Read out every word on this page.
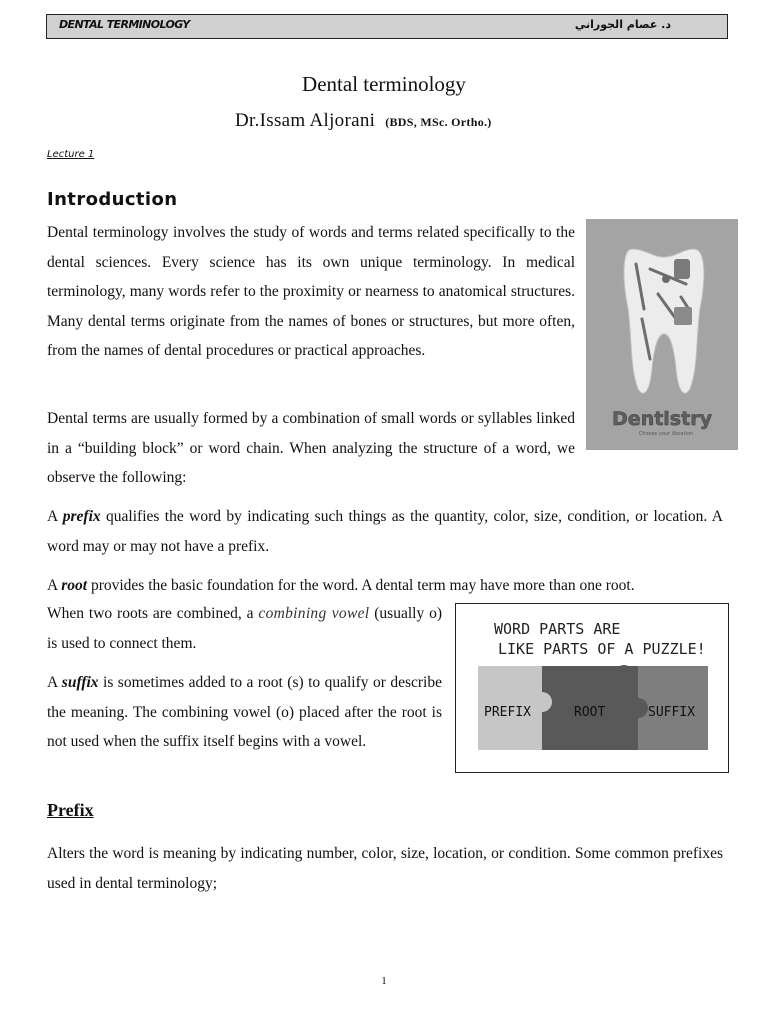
DENTAL TERMINOLOGY	د. عصام الجوراني
Dental terminology
Dr.Issam Aljorani (BDS, MSc. Ortho.)
Lecture 1
Introduction

Dental terminology involves the study of words and terms related specifically to the dental sciences. Every science has its own unique terminology. In medical terminology, many words refer to the proximity or nearness to anatomical structures. Many dental terms originate from the names of bones or structures, but more often, from the names of dental procedures or practical approaches.

Dentistry
Choose your Vocation

Dental terms are usually formed by a combination of small words or syllables linked in a “building block” or word chain. When analyzing the structure of a word, we observe the following:

A prefix qualifies the word by indicating such things as the quantity, color, size, condition, or location. A word may or may not have a prefix.

A root provides the basic foundation for the word. A dental term may have more than one root.

When two roots are combined, a combining vowel (usually o) is used to connect them.

A suffix is sometimes added to a root (s) to qualify or describe the meaning. The combining vowel (o) placed after the root is not used when the suffix itself begins with a vowel.

WORD PARTS ARE
LIKE PARTS OF A PUZZLE!
PREFIX	ROOT	SUFFIX
Prefix

Alters the word is meaning by indicating number, color, size, location, or condition. Some common prefixes used in dental terminology;

1
